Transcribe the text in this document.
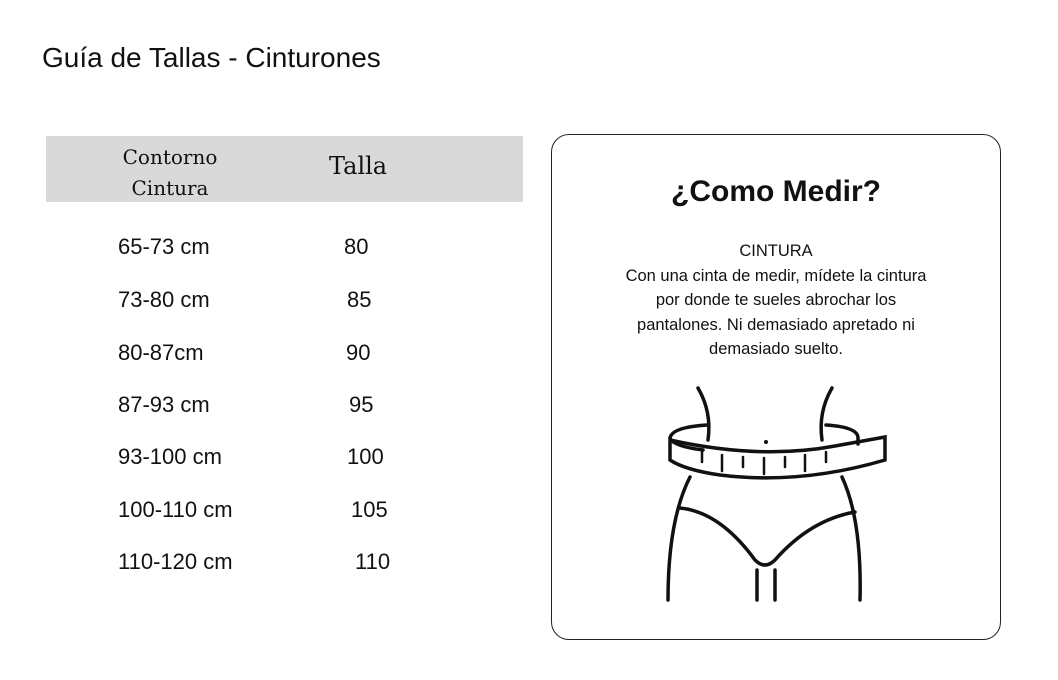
Guía de Tallas - Cinturones
Contorno Cintura
Talla
65-73 cm	80
73-80 cm	85
80-87cm	90
87-93 cm	95
93-100 cm	100
100-110 cm	105
110-120 cm	110
¿Como Medir?
CINTURA
Con una cinta de medir, mídete la cintura por donde te sueles abrochar los pantalones. Ni demasiado apretado ni demasiado suelto.
